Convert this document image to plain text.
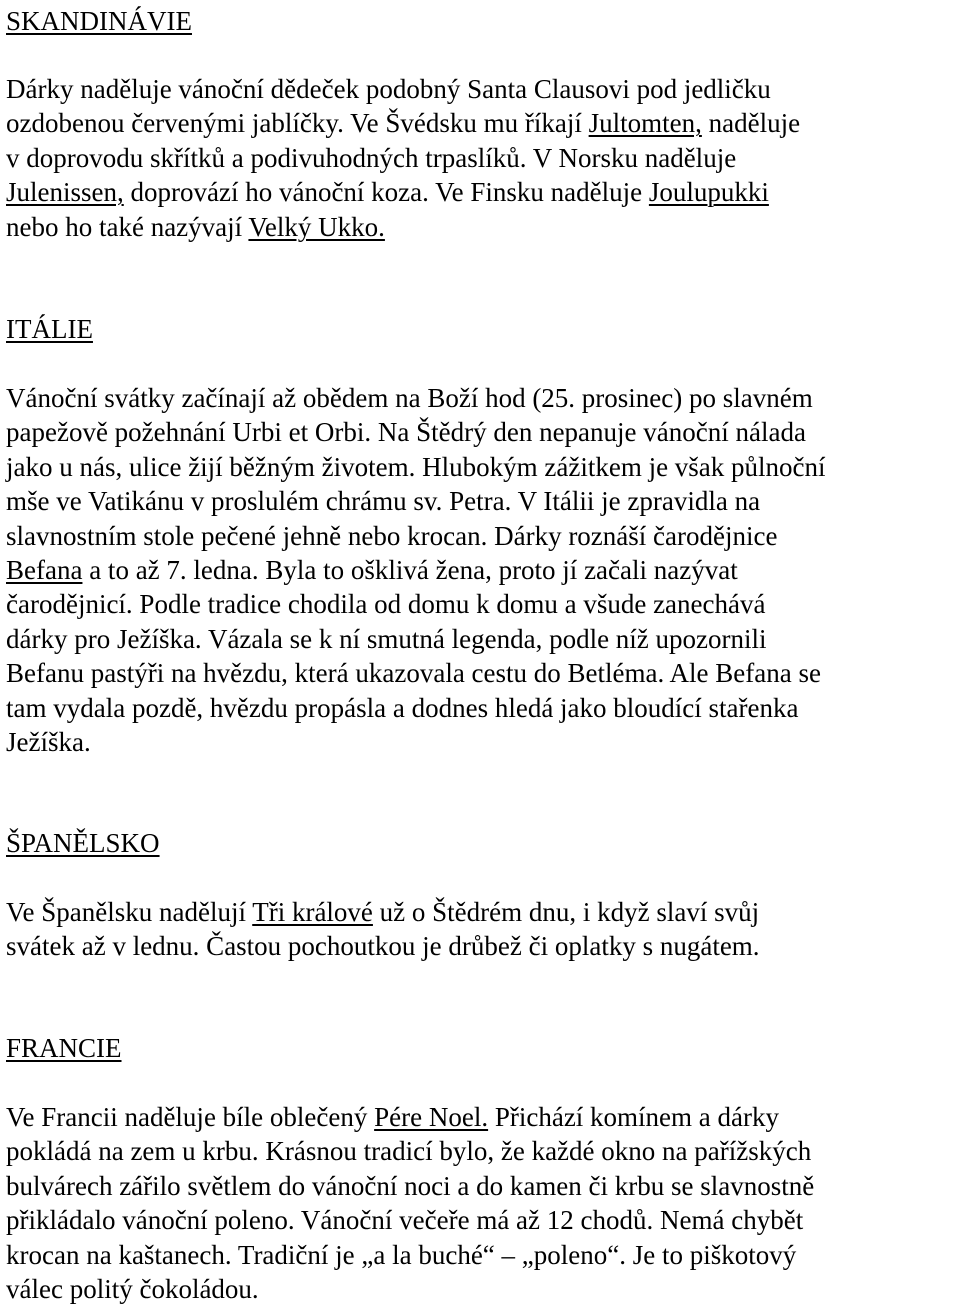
SKANDINÁVIE
Dárky naděluje vánoční dědeček podobný Santa Clausovi pod jedličku
ozdobenou červenými jablíčky. Ve Švédsku mu říkají Jultomten, naděluje
v doprovodu skřítků a podivuhodných trpaslíků. V Norsku naděluje
Julenissen, doprovází ho vánoční koza. Ve Finsku naděluje Joulupukki
nebo ho také nazývají Velký Ukko.
ITÁLIE
Vánoční svátky začínají až obědem na Boží hod (25. prosinec) po slavném
papežově požehnání Urbi et Orbi. Na Štědrý den nepanuje vánoční nálada
jako u nás, ulice žijí běžným životem. Hlubokým zážitkem je však půlnoční
mše ve Vatikánu v proslulém chrámu sv. Petra. V Itálii je zpravidla na
slavnostním stole pečené jehně nebo krocan. Dárky roznáší čarodějnice
Befana a to až 7. ledna. Byla to ošklivá žena, proto jí začali nazývat
čarodějnicí. Podle tradice chodila od domu k domu a všude zanechává
dárky pro Ježíška. Vázala se k ní smutná legenda, podle níž upozornili
Befanu pastýři na hvězdu, která ukazovala cestu do Betléma. Ale Befana se
tam vydala pozdě, hvězdu propásla a dodnes hledá jako bloudící stařenka
Ježíška.
ŠPANĚLSKO
Ve Španělsku nadělují Tři králové už o Štědrém dnu, i když slaví svůj
svátek až v lednu. Častou pochoutkou je drůbež či oplatky s nugátem.
FRANCIE
Ve Francii naděluje bíle oblečený Pére Noel. Přichází komínem a dárky
pokládá na zem u krbu. Krásnou tradicí bylo, že každé okno na pařížských
bulvárech zářilo světlem do vánoční noci a do kamen či krbu se slavnostně
přikládalo vánoční poleno. Vánoční večeře má až 12 chodů. Nemá chybět
krocan na kaštanech. Tradiční je „a la buché“ – „poleno“. Je to piškotový
válec politý čokoládou.
